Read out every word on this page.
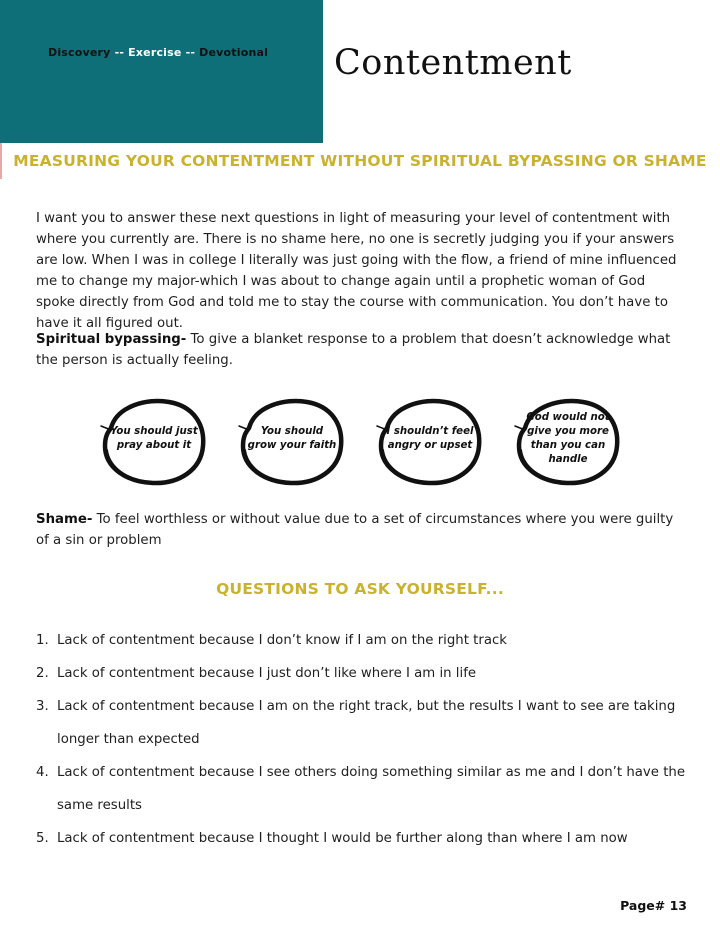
Discovery -- Exercise -- Devotional Contentment
MEASURING YOUR CONTENTMENT WITHOUT SPIRITUAL BYPASSING OR SHAME
I want you to answer these next questions in light of measuring your level of contentment with where you currently are. There is no shame here, no one is secretly judging you if your answers are low. When I was in college I literally was just going with the flow, a friend of mine influenced me to change my major-which I was about to change again until a prophetic woman of God spoke directly from God and told me to stay the course with communication. You don’t have to have it all figured out.
Spiritual bypassing- To give a blanket response to a problem that doesn’t acknowledge what the person is actually feeling.
You should just pray about it
You should grow your faith
I shouldn’t feel angry or upset
God would not give you more than you can handle
Shame- To feel worthless or without value due to a set of circumstances where you were guilty of a sin or problem
QUESTIONS TO ASK YOURSELF...
1. Lack of contentment because I don’t know if I am on the right track
2. Lack of contentment because I just don’t like where I am in life
3. Lack of contentment because I am on the right track, but the results I want to see are taking longer than expected
4. Lack of contentment because I see others doing something similar as me and I don’t have the same results
5. Lack of contentment because I thought I would be further along than where I am now
Page# 13
